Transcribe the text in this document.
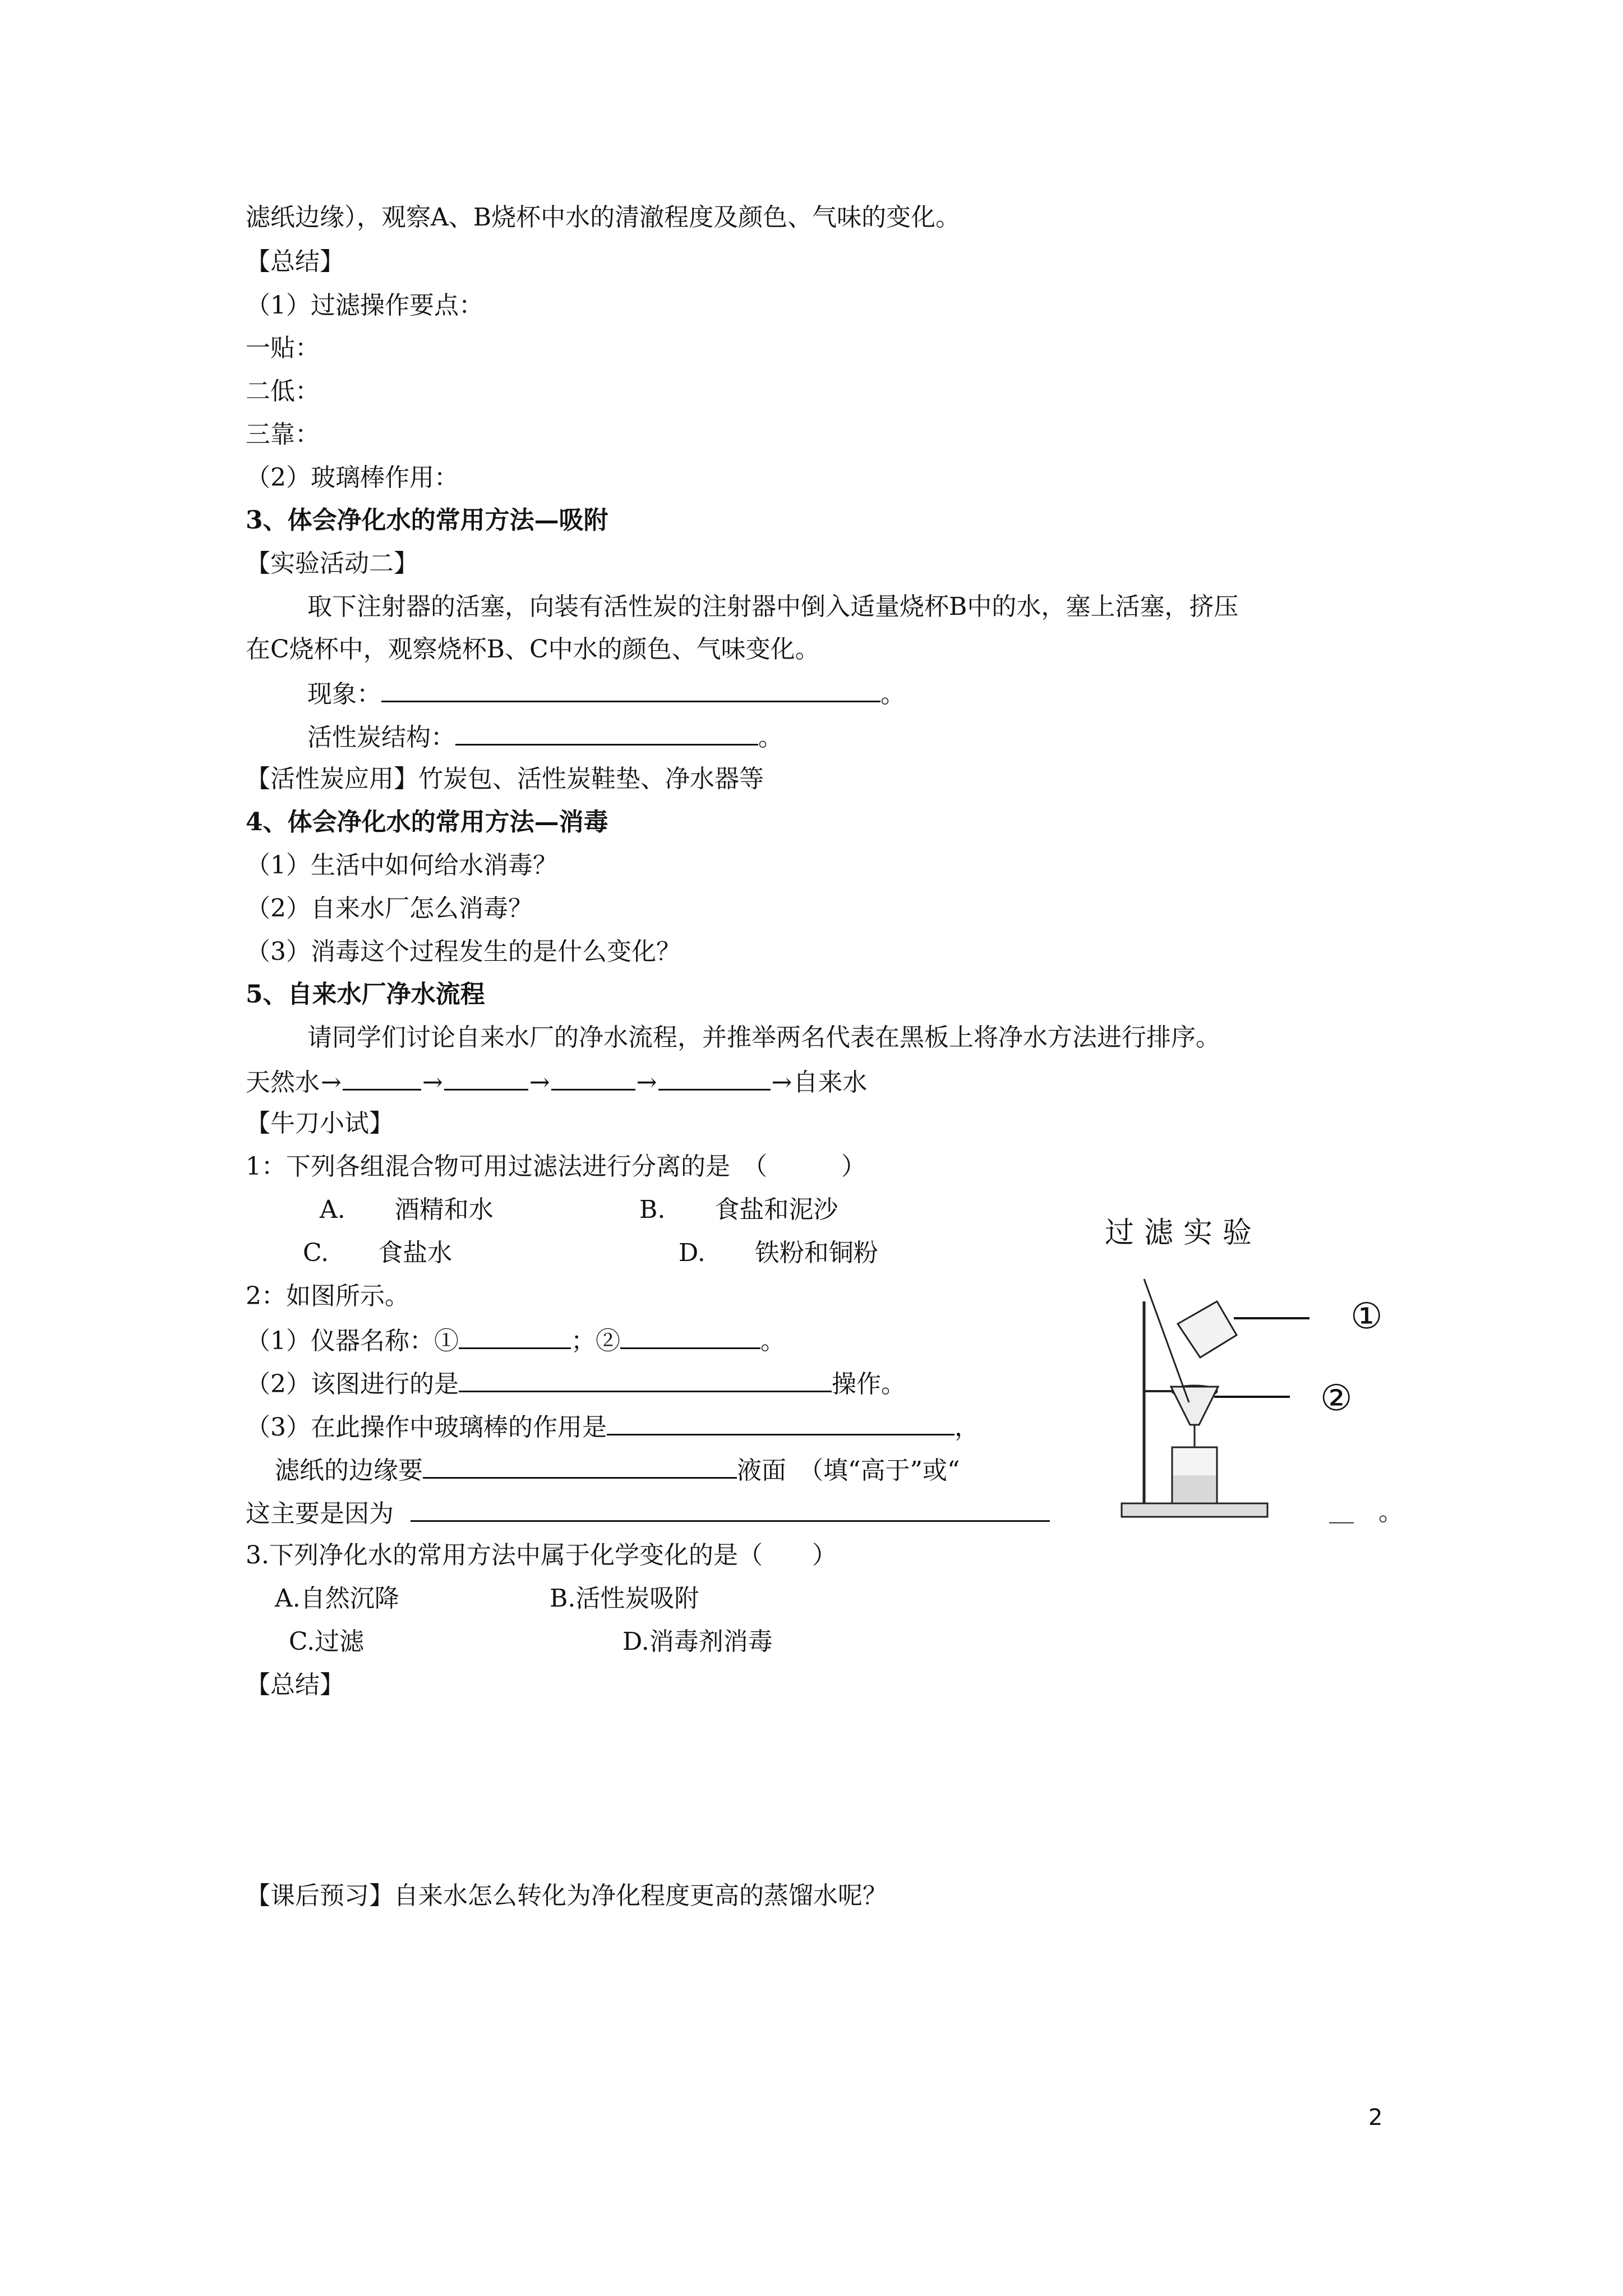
滤纸边缘），观察A、B烧杯中水的清澈程度及颜色、气味的变化。
【总结】
（1）过滤操作要点：
一贴：
二低：
三靠：
（2）玻璃棒作用：
3、体会净化水的常用方法—吸附
【实验活动二】
取下注射器的活塞，向装有活性炭的注射器中倒入适量烧杯B中的水，塞上活塞，挤压
在C烧杯中，观察烧杯B、C中水的颜色、气味变化。
现象：	。
活性炭结构：	。
【活性炭应用】竹炭包、活性炭鞋垫、净水器等
4、体会净化水的常用方法—消毒
（1）生活中如何给水消毒？
（2）自来水厂怎么消毒？
（3）消毒这个过程发生的是什么变化？
5、自来水厂净水流程
请同学们讨论自来水厂的净水流程，并推举两名代表在黑板上将净水方法进行排序。
天然水→	→	→	→	→自来水
【牛刀小试】
1：下列各组混合物可用过滤法进行分离的是　（　　　）
A.　　酒精和水	B.　　食盐和泥沙
C.　　食盐水	D.　　铁粉和铜粉
2：如图所示。
（1）仪器名称：①	；②	。
（2）该图进行的是	操作。
（3）在此操作中玻璃棒的作用是	，
滤纸的边缘要	液面　（填“高于”或“
这主要是因为	＿　。
3.下列净化水的常用方法中属于化学变化的是（　　）
A.自然沉降	B.活性炭吸附
C.过滤	D.消毒剂消毒
【总结】
【课后预习】自来水怎么转化为净化程度更高的蒸馏水呢？
过滤实验
①
②
2
